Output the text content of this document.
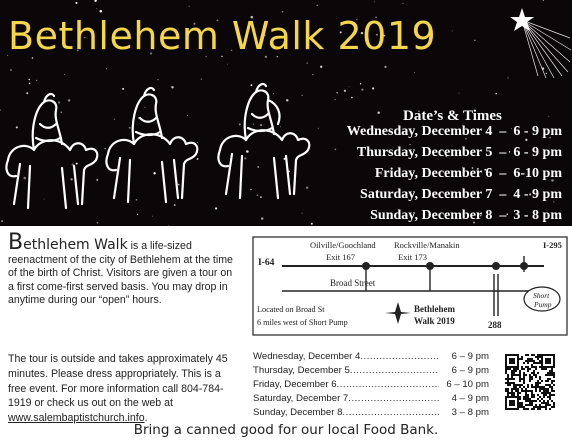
Bethlehem Walk 2019
Date’s & Times
Wednesday, December 4  –  6 - 9 pm
Thursday, December 5  –  6 - 9 pm
Friday, December 6  –  6-10 pm
Saturday, December 7  –  4 - 9 pm
Sunday, December 8  –  3 - 8 pm
Bethlehem Walk is a life-sized reenactment of the city of Bethlehem at the time of the birth of Christ. Visitors are given a tour on a first come-first served basis. You may drop in anytime during our “open” hours.
The tour is outside and takes approximately 45 minutes. Please dress appropriately. This is a free event. For more information call 804-784-1919 or check us out on the web at www.salembaptistchurch.info.
I-64
I-295
Oilville/Goochland
Exit 167
Rockville/Manakin
Exit 173
Broad Street
Short
Pump
Located on Broad St
6 miles west of Short Pump
Bethlehem
Walk 2019	288
Wednesday, December 4 .....	6 – 9 pm
Thursday, December 5 .....	6 – 9 pm
Friday, December 6 .....	6 – 10 pm
Saturday, December 7 .....	4 – 9 pm
Sunday, December 8 .....	3 – 8 pm
Bring a canned good for our local Food Bank.
